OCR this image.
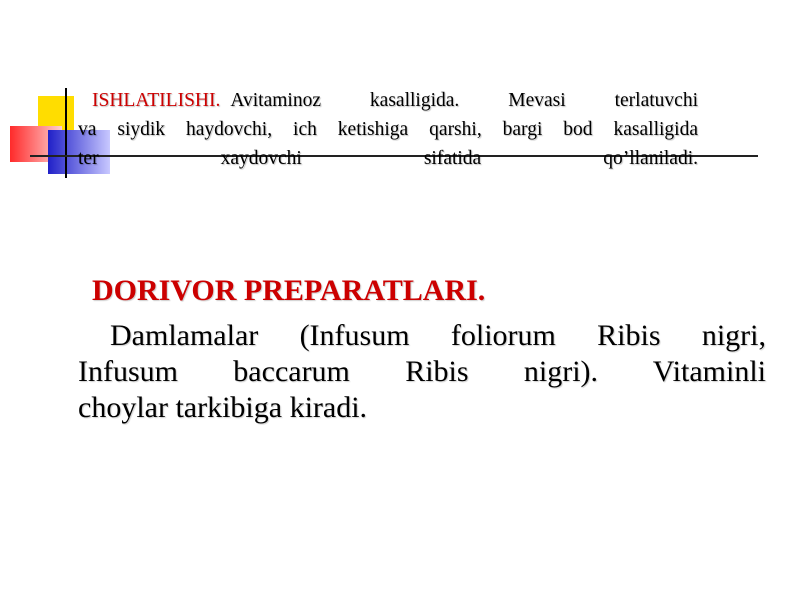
ISHLATILISHI. Avitaminoz kasalligida. Mevasi terlatuvchi
va siydik haydovchi, ich ketishiga qarshi, bargi bod kasalligida
ter	xaydovchi	sifatida	qo’llaniladi.
DORIVOR PREPARATLARI.
Damlamalar (Infusum foliorum Ribis nigri,
Infusum baccarum Ribis nigri). Vitaminli
choylar tarkibiga kiradi.
